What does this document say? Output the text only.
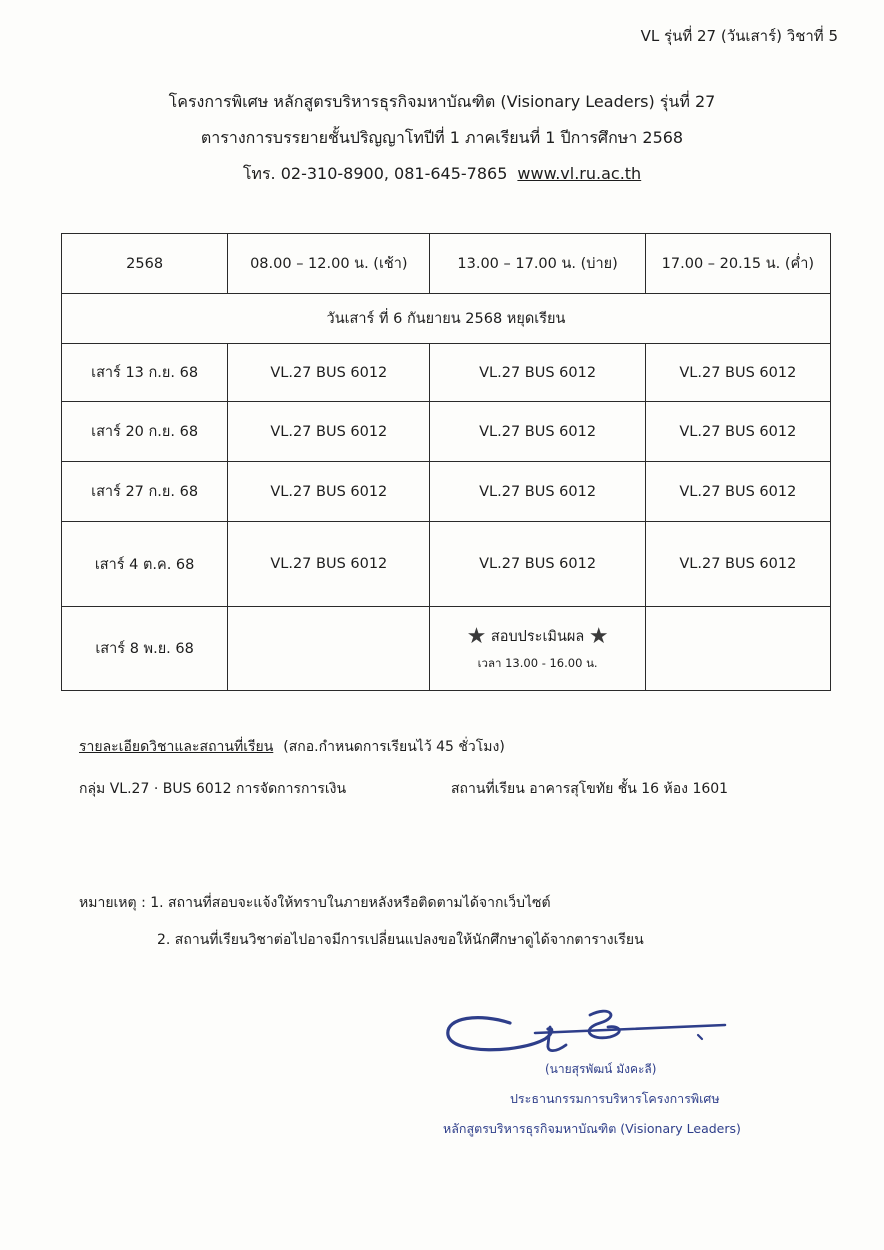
VL รุ่นที่ 27 (วันเสาร์) วิชาที่ 5
โครงการพิเศษ หลักสูตรบริหารธุรกิจมหาบัณฑิต (Visionary Leaders) รุ่นที่ 27
ตารางการบรรยายชั้นปริญญาโทปีที่ 1 ภาคเรียนที่ 1 ปีการศึกษา 2568
โทร. 02-310-8900, 081-645-7865 www.vl.ru.ac.th
2568	08.00 – 12.00 น. (เช้า)	13.00 – 17.00 น. (บ่าย)	17.00 – 20.15 น. (ค่ำ)
วันเสาร์ ที่ 6 กันยายน 2568 หยุดเรียน			
เสาร์ 13 ก.ย. 68	VL.27 BUS 6012	VL.27 BUS 6012	VL.27 BUS 6012
เสาร์ 20 ก.ย. 68	VL.27 BUS 6012	VL.27 BUS 6012	VL.27 BUS 6012
เสาร์ 27 ก.ย. 68	VL.27 BUS 6012	VL.27 BUS 6012	VL.27 BUS 6012
เสาร์ 4 ต.ค. 68	VL.27 BUS 6012	VL.27 BUS 6012	VL.27 BUS 6012
เสาร์ 8 พ.ย. 68		★ สอบประเมินผล ★
เวลา 13.00 - 16.00 น.	

รายละเอียดวิชาและสถานที่เรียน (สกอ.กำหนดการเรียนไว้ 45 ชั่วโมง)
กลุ่ม VL.27 · BUS 6012 การจัดการการเงิน	สถานที่เรียน อาคารสุโขทัย ชั้น 16 ห้อง 1601
หมายเหตุ : 1. สถานที่สอบจะแจ้งให้ทราบในภายหลังหรือติดตามได้จากเว็บไซต์
2. สถานที่เรียนวิชาต่อไปอาจมีการเปลี่ยนแปลงขอให้นักศึกษาดูได้จากตารางเรียน
(นายสุรพัฒน์ มังคะลี)
ประธานกรรมการบริหารโครงการพิเศษ
หลักสูตรบริหารธุรกิจมหาบัณฑิต (Visionary Leaders)
